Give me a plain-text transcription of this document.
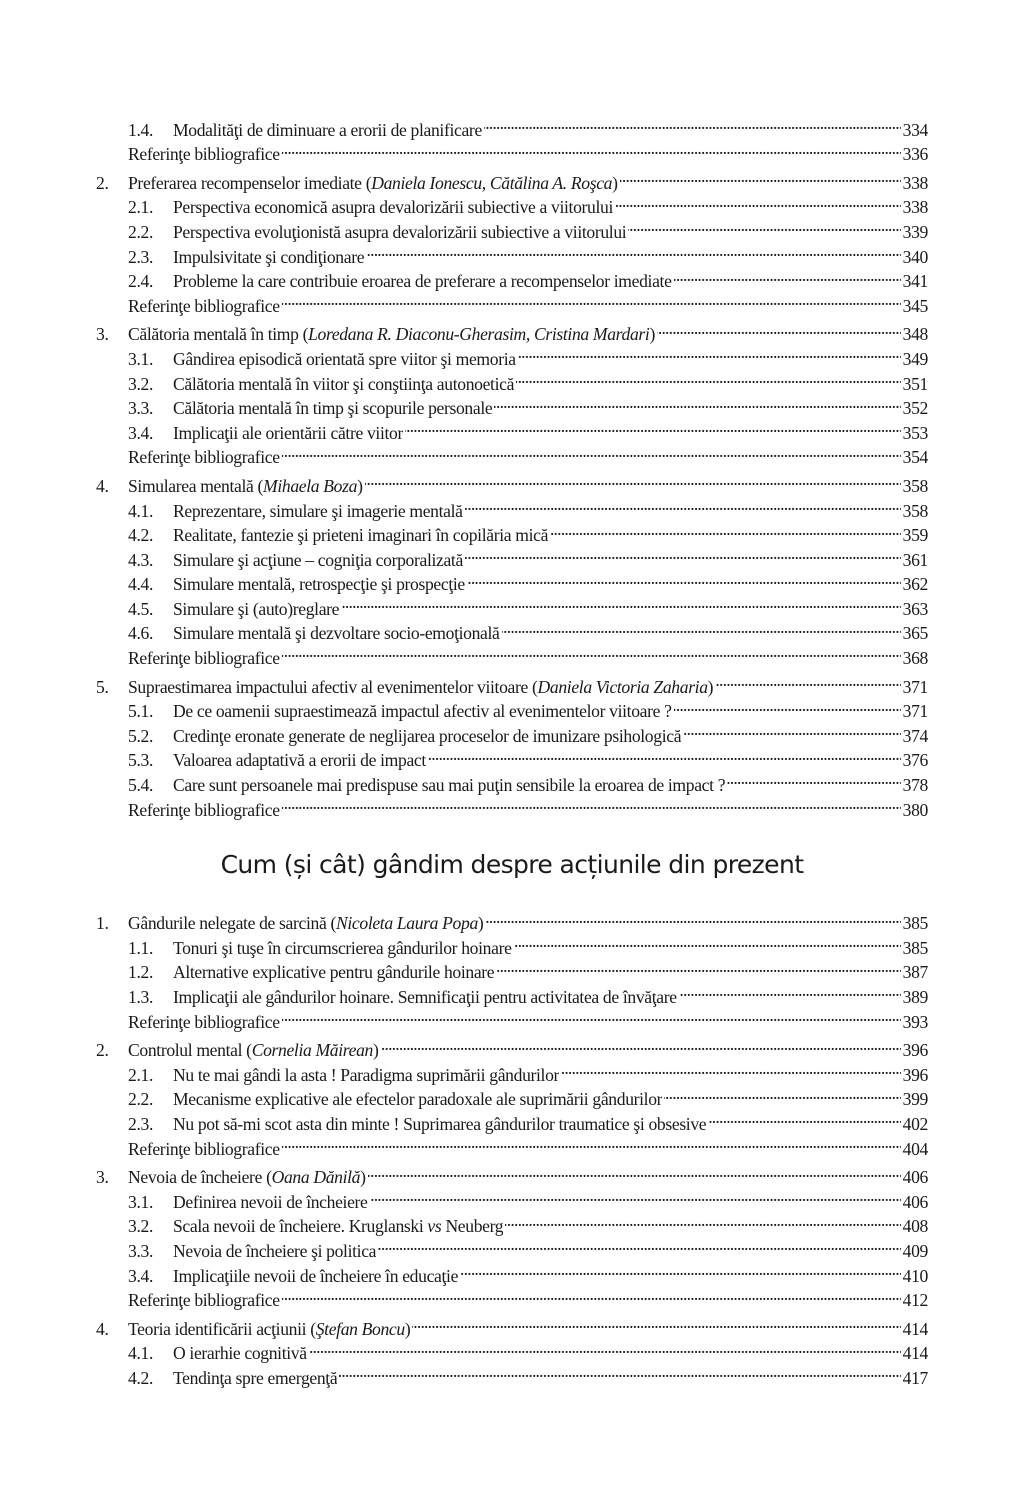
1.4.	Modalităţi de diminuare a erorii de planificare . . .	334
Referinţe bibliografice . . .	336
2.	Preferarea recompenselor imediate (Daniela Ionescu, Cătălina A. Roşca) . . .	338
2.1.	Perspectiva economică asupra devalorizării subiective a viitorului . . .	338
2.2.	Perspectiva evoluţionistă asupra devalorizării subiective a viitorului . . .	339
2.3.	Impulsivitate şi condiţionare . . .	340
2.4.	Probleme la care contribuie eroarea de preferare a recompenselor imediate . . .	341
Referinţe bibliografice . . .	345
3.	Călătoria mentală în timp (Loredana R. Diaconu-Gherasim, Cristina Mardari) . . .	348
3.1.	Gândirea episodică orientată spre viitor şi memoria . . .	349
3.2.	Călătoria mentală în viitor şi conştiinţa autonoetică . . .	351
3.3.	Călătoria mentală în timp şi scopurile personale . . .	352
3.4.	Implicaţii ale orientării către viitor . . .	353
Referinţe bibliografice . . .	354
4.	Simularea mentală (Mihaela Boza) . . .	358
4.1.	Reprezentare, simulare şi imagerie mentală . . .	358
4.2.	Realitate, fantezie şi prieteni imaginari în copilăria mică . . .	359
4.3.	Simulare şi acţiune – cogniţia corporalizată . . .	361
4.4.	Simulare mentală, retrospecţie şi prospecţie . . .	362
4.5.	Simulare şi (auto)reglare . . .	363
4.6.	Simulare mentală şi dezvoltare socio-emoţională . . .	365
Referinţe bibliografice . . .	368
5.	Supraestimarea impactului afectiv al evenimentelor viitoare (Daniela Victoria Zaharia) . . .	371
5.1.	De ce oamenii supraestimează impactul afectiv al evenimentelor viitoare ? . . .	371
5.2.	Credinţe eronate generate de neglijarea proceselor de imunizare psihologică . . .	374
5.3.	Valoarea adaptativă a erorii de impact . . .	376
5.4.	Care sunt persoanele mai predispuse sau mai puţin sensibile la eroarea de impact ? . . .	378
Referinţe bibliografice . . .	380
Cum (și cât) gândim despre acțiunile din prezent
1.	Gândurile nelegate de sarcină (Nicoleta Laura Popa) . . .	385
1.1.	Tonuri şi tuşe în circumscrierea gândurilor hoinare . . .	385
1.2.	Alternative explicative pentru gândurile hoinare . . .	387
1.3.	Implicaţii ale gândurilor hoinare. Semnificaţii pentru activitatea de învăţare . . .	389
Referinţe bibliografice . . .	393
2.	Controlul mental (Cornelia Măirean) . . .	396
2.1.	Nu te mai gândi la asta ! Paradigma suprimării gândurilor . . .	396
2.2.	Mecanisme explicative ale efectelor paradoxale ale suprimării gândurilor . . .	399
2.3.	Nu pot să-mi scot asta din minte ! Suprimarea gândurilor traumatice şi obsesive . . .	402
Referinţe bibliografice . . .	404
3.	Nevoia de încheiere (Oana Dănilă) . . .	406
3.1.	Definirea nevoii de încheiere . . .	406
3.2.	Scala nevoii de încheiere. Kruglanski vs Neuberg . . .	408
3.3.	Nevoia de încheiere şi politica . . .	409
3.4.	Implicaţiile nevoii de încheiere în educaţie . . .	410
Referinţe bibliografice . . .	412
4.	Teoria identificării acţiunii (Ştefan Boncu) . . .	414
4.1.	O ierarhie cognitivă . . .	414
4.2.	Tendinţa spre emergenţă . . .	417
